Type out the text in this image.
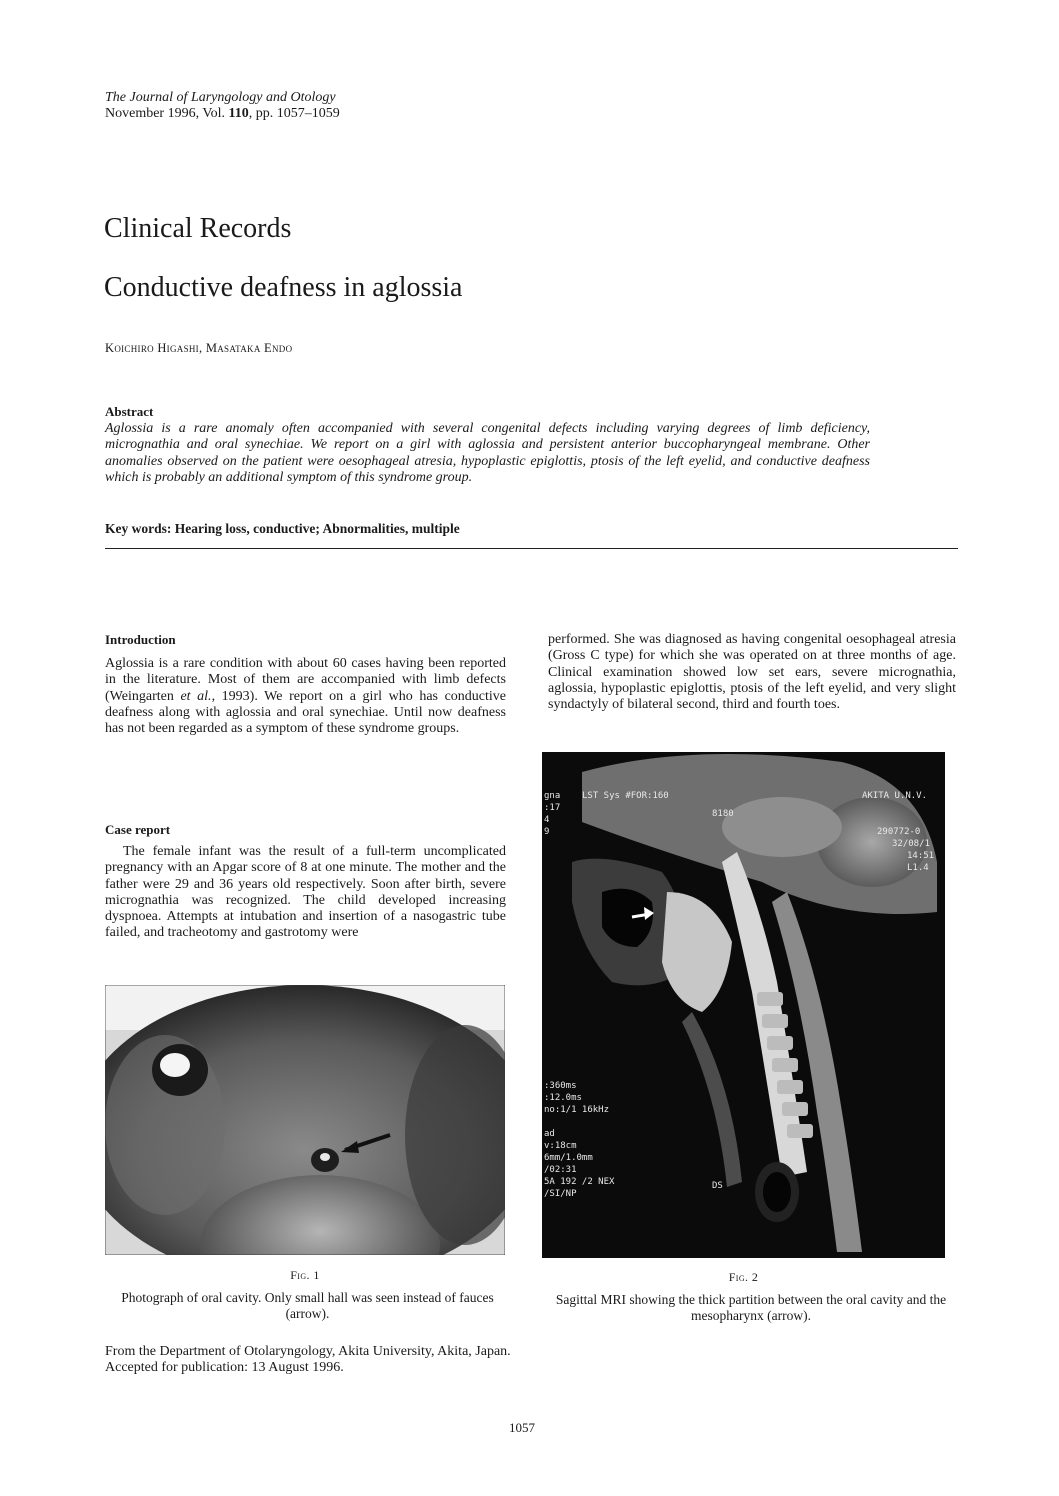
The Journal of Laryngology and Otology
November 1996, Vol. 110, pp. 1057–1059
Clinical Records
Conductive deafness in aglossia
Koichiro Higashi, Masataka Endo
Abstract
Aglossia is a rare anomaly often accompanied with several congenital defects including varying degrees of limb deficiency, micrognathia and oral synechiae. We report on a girl with aglossia and persistent anterior buccopharyngeal membrane. Other anomalies observed on the patient were oesophageal atresia, hypoplastic epiglottis, ptosis of the left eyelid, and conductive deafness which is probably an additional symptom of this syndrome group.
Key words: Hearing loss, conductive; Abnormalities, multiple
Introduction

Aglossia is a rare condition with about 60 cases having been reported in the literature. Most of them are accompanied with limb defects (Weingarten et al., 1993). We report on a girl who has conductive deafness along with aglossia and oral synechiae. Until now deafness has not been regarded as a symptom of these syndrome groups.

Case report

The female infant was the result of a full-term uncomplicated pregnancy with an Apgar score of 8 at one minute. The mother and the father were 29 and 36 years old respectively. Soon after birth, severe micrognathia was recognized. The child developed increasing dyspnoea. Attempts at intubation and insertion of a nasogastric tube failed, and tracheotomy and gastrotomy were

performed. She was diagnosed as having congenital oesophageal atresia (Gross C type) for which she was operated on at three months of age. Clinical examination showed low set ears, severe micrognathia, aglossia, hypoplastic epiglottis, ptosis of the left eyelid, and very slight syndactyly of bilateral second, third and fourth toes.

Fig. 1
Photograph of oral cavity. Only small hall was seen instead of fauces (arrow).
gna
:17
4
9
LST Sys #FOR:160
8180
AKITA U.N.V.
290772-0
32/08/1
14:51
L1.4
:360ms
:12.0ms
no:1/1 16kHz
ad
v:18cm
6mm/1.0mm
/02:31
5A 192 /2 NEX
/SI/NP
DS
Fig. 2
Sagittal MRI showing the thick partition between the oral cavity and the mesopharynx (arrow).
From the Department of Otolaryngology, Akita University, Akita, Japan.
Accepted for publication: 13 August 1996.
1057
